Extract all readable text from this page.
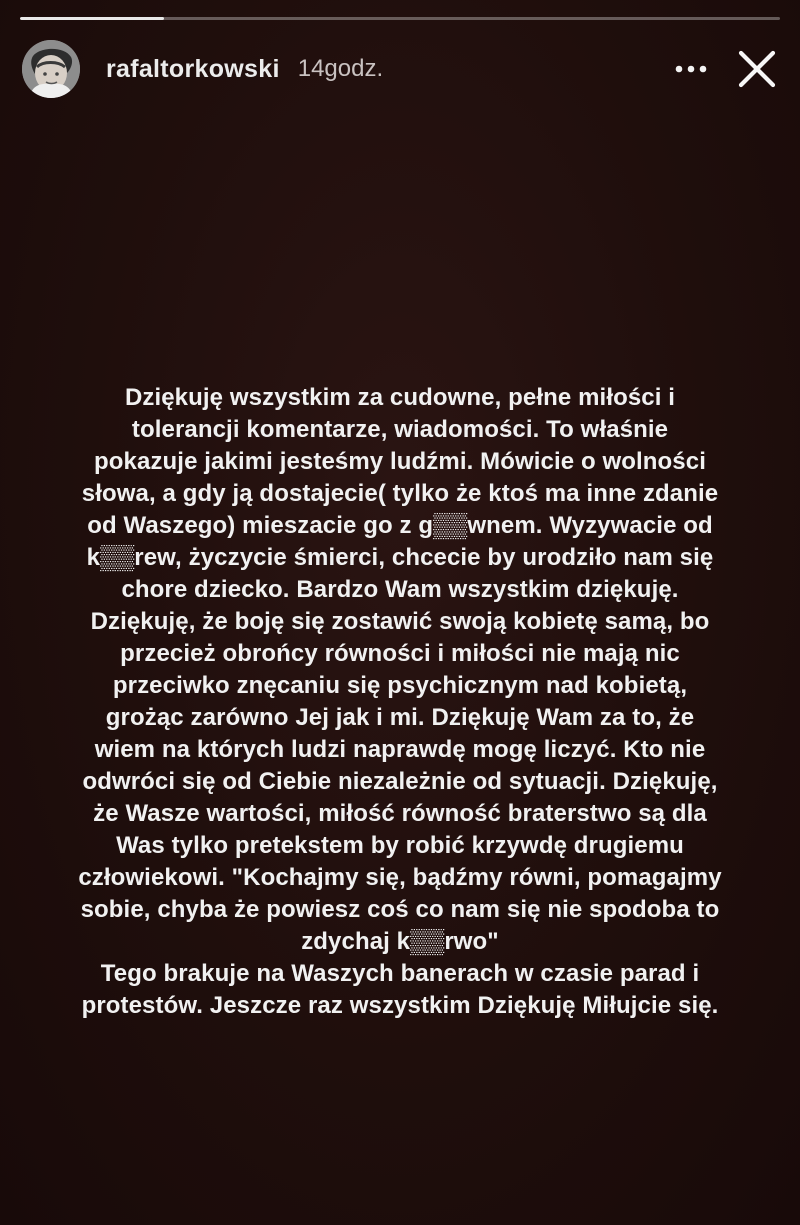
rafaltorkowski 14godz.
Dziękuję wszystkim za cudowne, pełne miłości i
tolerancji komentarze, wiadomości. To właśnie
pokazuje jakimi jesteśmy ludźmi. Mówicie o wolności
słowa, a gdy ją dostajecie( tylko że ktoś ma inne zdanie
od Waszego) mieszacie go z g▒▒wnem. Wyzywacie od
k▒▒rew, życzycie śmierci, chcecie by urodziło nam się
chore dziecko. Bardzo Wam wszystkim dziękuję.
Dziękuję, że boję się zostawić swoją kobietę samą, bo
przecież obrońcy równości i miłości nie mają nic
przeciwko znęcaniu się psychicznym nad kobietą,
grożąc zarówno Jej jak i mi. Dziękuję Wam za to, że
wiem na których ludzi naprawdę mogę liczyć. Kto nie
odwróci się od Ciebie niezależnie od sytuacji. Dziękuję,
że Wasze wartości, miłość równość braterstwo są dla
Was tylko pretekstem by robić krzywdę drugiemu
człowiekowi. "Kochajmy się, bądźmy równi, pomagajmy
sobie, chyba że powiesz coś co nam się nie spodoba to
zdychaj k▒▒rwo"
Tego brakuje na Waszych banerach w czasie parad i
protestów. Jeszcze raz wszystkim Dziękuję Miłujcie się.
